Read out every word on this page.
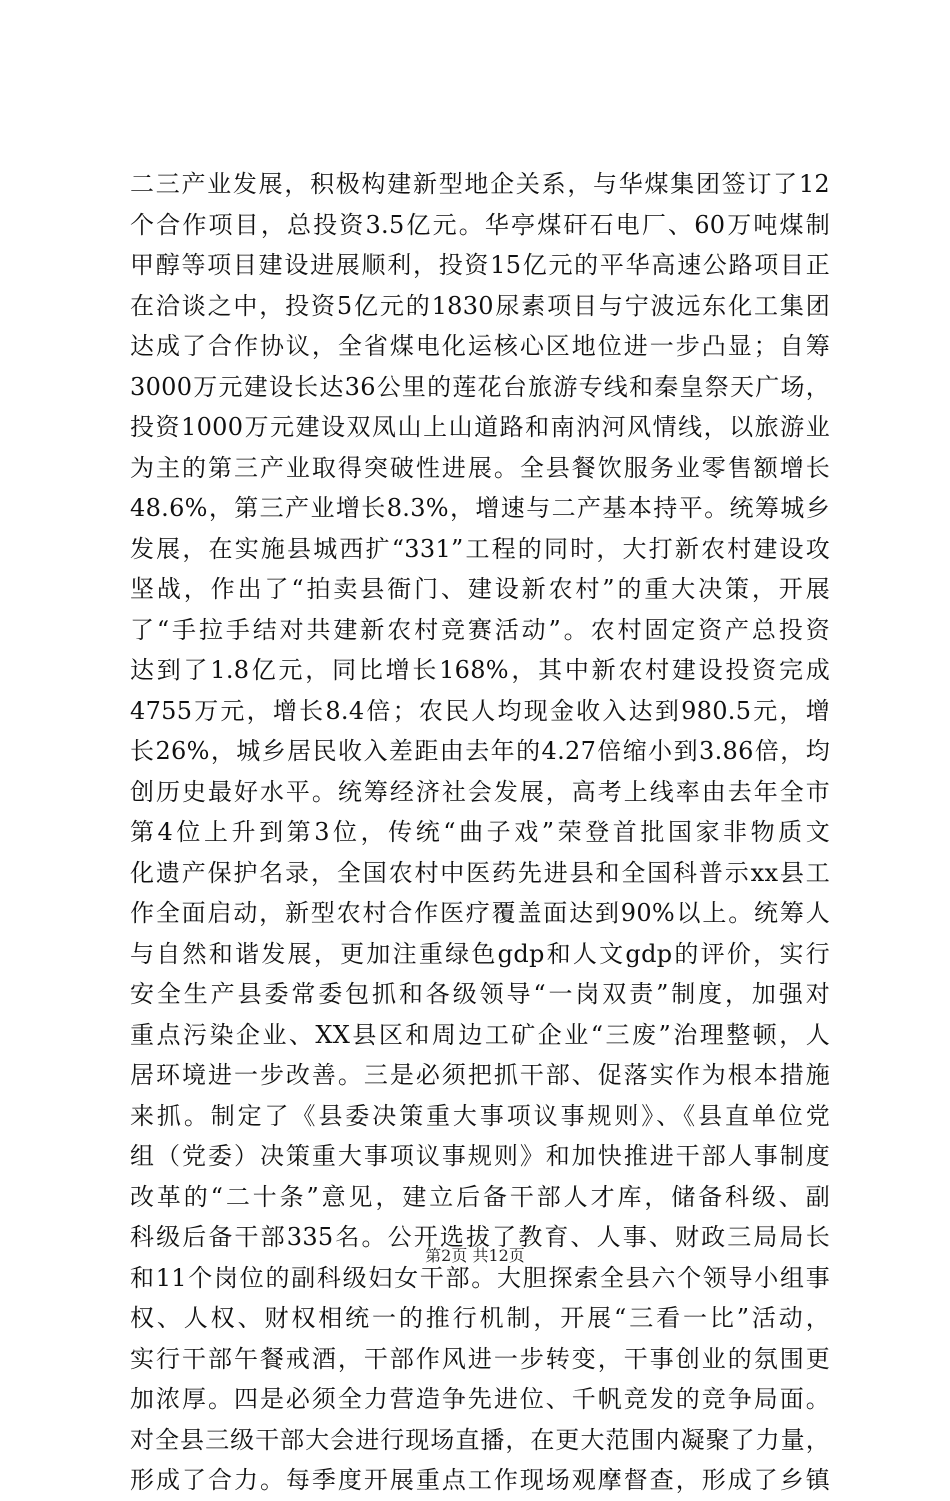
二三产业发展，积极构建新型地企关系，与华煤集团签订了12
个合作项目，总投资3.5亿元。华亭煤矸石电厂、60万吨煤制
甲醇等项目建设进展顺利，投资15亿元的平华高速公路项目正
在洽谈之中，投资5亿元的1830尿素项目与宁波远东化工集团
达成了合作协议，全省煤电化运核心区地位进一步凸显；自筹
3000万元建设长达36公里的莲花台旅游专线和秦皇祭天广场，
投资1000万元建设双凤山上山道路和南汭河风情线，以旅游业
为主的第三产业取得突破性进展。全县餐饮服务业零售额增长
48.6%，第三产业增长8.3%，增速与二产基本持平。统筹城乡
发展，在实施县城西扩“331”工程的同时，大打新农村建设攻
坚战，作出了“拍卖县衙门、建设新农村”的重大决策，开展
了“手拉手结对共建新农村竞赛活动”。农村固定资产总投资
达到了1.8亿元，同比增长168%，其中新农村建设投资完成
4755万元，增长8.4倍；农民人均现金收入达到980.5元，增
长26%，城乡居民收入差距由去年的4.27倍缩小到3.86倍，均
创历史最好水平。统筹经济社会发展，高考上线率由去年全市
第4位上升到第3位，传统“曲子戏”荣登首批国家非物质文
化遗产保护名录，全国农村中医药先进县和全国科普示xx县工
作全面启动，新型农村合作医疗覆盖面达到90%以上。统筹人
与自然和谐发展，更加注重绿色gdp和人文gdp的评价，实行
安全生产县委常委包抓和各级领导“一岗双责”制度，加强对
重点污染企业、XX县区和周边工矿企业“三废”治理整顿，人
居环境进一步改善。三是必须把抓干部、促落实作为根本措施
来抓。制定了《县委决策重大事项议事规则》、《县直单位党
组（党委）决策重大事项议事规则》和加快推进干部人事制度
改革的“二十条”意见，建立后备干部人才库，储备科级、副
科级后备干部335名。公开选拔了教育、人事、财政三局局长
和11个岗位的副科级妇女干部。大胆探索全县六个领导小组事
权、人权、财权相统一的推行机制，开展“三看一比”活动，
实行干部午餐戒酒，干部作风进一步转变，干事创业的氛围更
加浓厚。四是必须全力营造争先进位、千帆竞发的竞争局面。
对全县三级干部大会进行现场直播，在更大范围内凝聚了力量，
形成了合力。每季度开展重点工作现场观摩督查，形成了乡镇
第2页 共12页
